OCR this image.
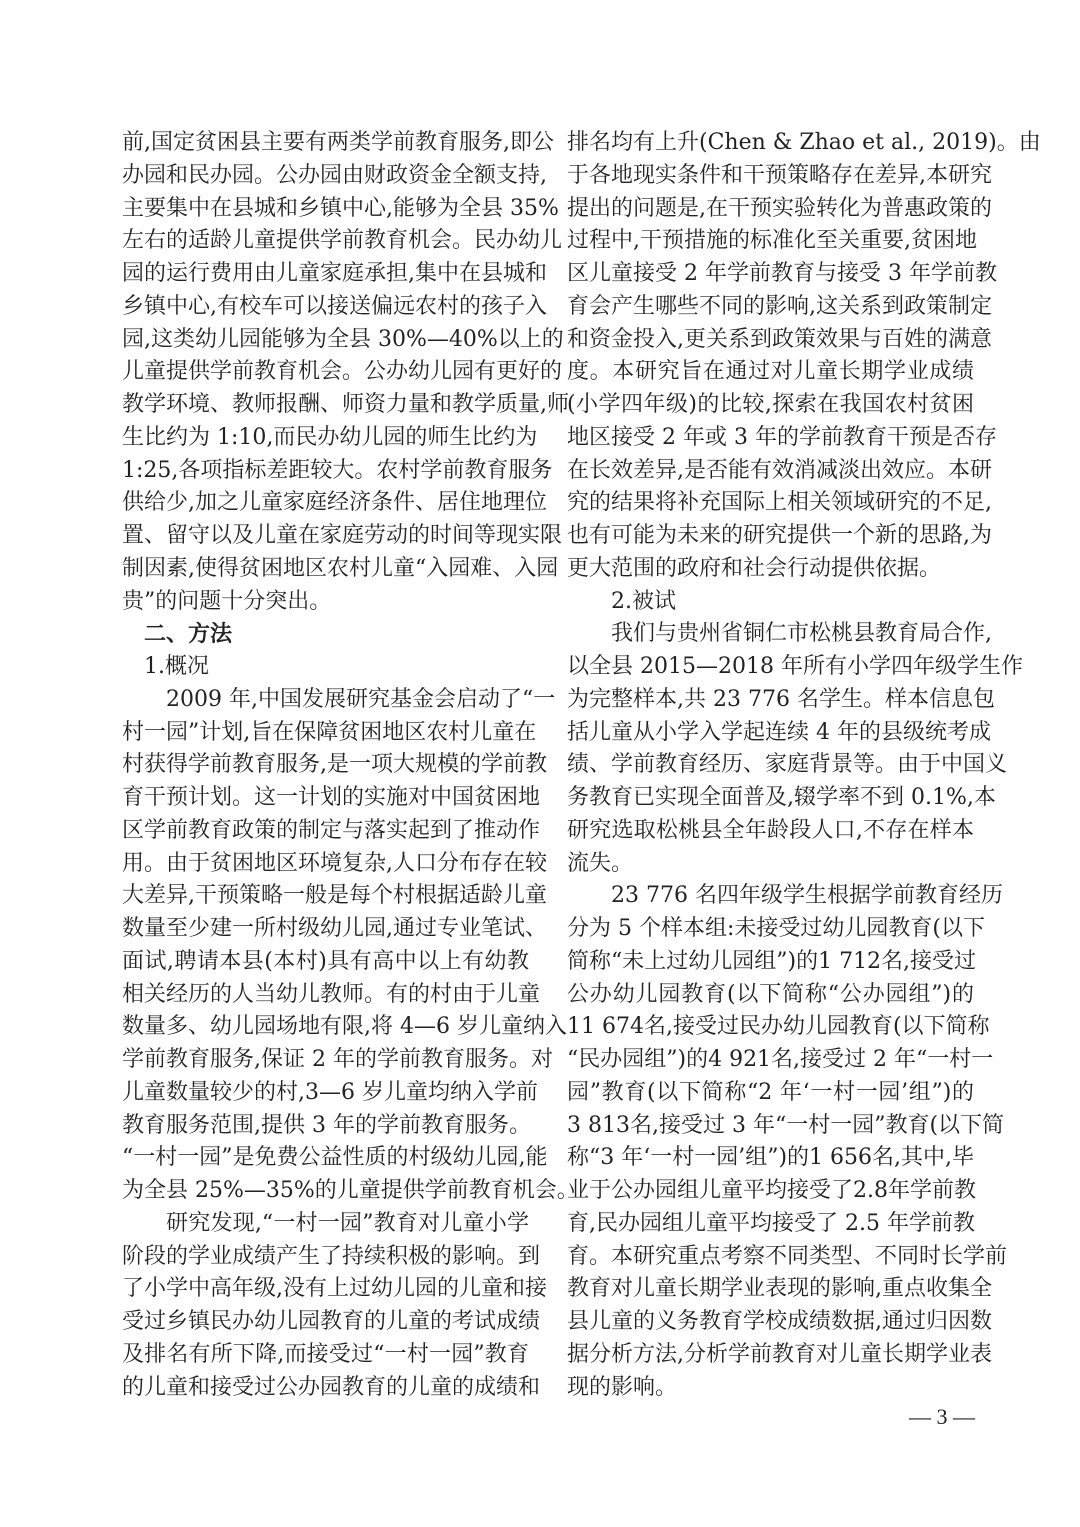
前,国定贫困县主要有两类学前教育服务,即公
办园和民办园。公办园由财政资金全额支持,
主要集中在县城和乡镇中心,能够为全县 35%
左右的适龄儿童提供学前教育机会。民办幼儿
园的运行费用由儿童家庭承担,集中在县城和
乡镇中心,有校车可以接送偏远农村的孩子入
园,这类幼儿园能够为全县 30%—40%以上的
儿童提供学前教育机会。公办幼儿园有更好的
教学环境、教师报酬、师资力量和教学质量,师
生比约为 1:10,而民办幼儿园的师生比约为
1:25,各项指标差距较大。农村学前教育服务
供给少,加之儿童家庭经济条件、居住地理位
置、留守以及儿童在家庭劳动的时间等现实限
制因素,使得贫困地区农村儿童“入园难、入园
贵”的问题十分突出。
二、方法
1.概况
2009 年,中国发展研究基金会启动了“一
村一园”计划,旨在保障贫困地区农村儿童在
村获得学前教育服务,是一项大规模的学前教
育干预计划。这一计划的实施对中国贫困地
区学前教育政策的制定与落实起到了推动作
用。由于贫困地区环境复杂,人口分布存在较
大差异,干预策略一般是每个村根据适龄儿童
数量至少建一所村级幼儿园,通过专业笔试、
面试,聘请本县(本村)具有高中以上有幼教
相关经历的人当幼儿教师。有的村由于儿童
数量多、幼儿园场地有限,将 4—6 岁儿童纳入
学前教育服务,保证 2 年的学前教育服务。对
儿童数量较少的村,3—6 岁儿童均纳入学前
教育服务范围,提供 3 年的学前教育服务。
“一村一园”是免费公益性质的村级幼儿园,能
为全县 25%—35%的儿童提供学前教育机会。
研究发现,“一村一园”教育对儿童小学
阶段的学业成绩产生了持续积极的影响。到
了小学中高年级,没有上过幼儿园的儿童和接
受过乡镇民办幼儿园教育的儿童的考试成绩
及排名有所下降,而接受过“一村一园”教育
的儿童和接受过公办园教育的儿童的成绩和
排名均有上升(Chen & Zhao et al., 2019)。由
于各地现实条件和干预策略存在差异,本研究
提出的问题是,在干预实验转化为普惠政策的
过程中,干预措施的标准化至关重要,贫困地
区儿童接受 2 年学前教育与接受 3 年学前教
育会产生哪些不同的影响,这关系到政策制定
和资金投入,更关系到政策效果与百姓的满意
度。本研究旨在通过对儿童长期学业成绩
(小学四年级)的比较,探索在我国农村贫困
地区接受 2 年或 3 年的学前教育干预是否存
在长效差异,是否能有效消减淡出效应。本研
究的结果将补充国际上相关领域研究的不足,
也有可能为未来的研究提供一个新的思路,为
更大范围的政府和社会行动提供依据。
2.被试
我们与贵州省铜仁市松桃县教育局合作,
以全县 2015—2018 年所有小学四年级学生作
为完整样本,共 23 776 名学生。样本信息包
括儿童从小学入学起连续 4 年的县级统考成
绩、学前教育经历、家庭背景等。由于中国义
务教育已实现全面普及,辍学率不到 0.1%,本
研究选取松桃县全年龄段人口,不存在样本
流失。
23 776 名四年级学生根据学前教育经历
分为 5 个样本组:未接受过幼儿园教育(以下
简称“未上过幼儿园组”)的1 712名,接受过
公办幼儿园教育(以下简称“公办园组”)的
11 674名,接受过民办幼儿园教育(以下简称
“民办园组”)的4 921名,接受过 2 年“一村一
园”教育(以下简称“2 年‘一村一园’组”)的
3 813名,接受过 3 年“一村一园”教育(以下简
称“3 年‘一村一园’组”)的1 656名,其中,毕
业于公办园组儿童平均接受了2.8年学前教
育,民办园组儿童平均接受了 2.5 年学前教
育。本研究重点考察不同类型、不同时长学前
教育对儿童长期学业表现的影响,重点收集全
县儿童的义务教育学校成绩数据,通过归因数
据分析方法,分析学前教育对儿童长期学业表
现的影响。
— 3 —
